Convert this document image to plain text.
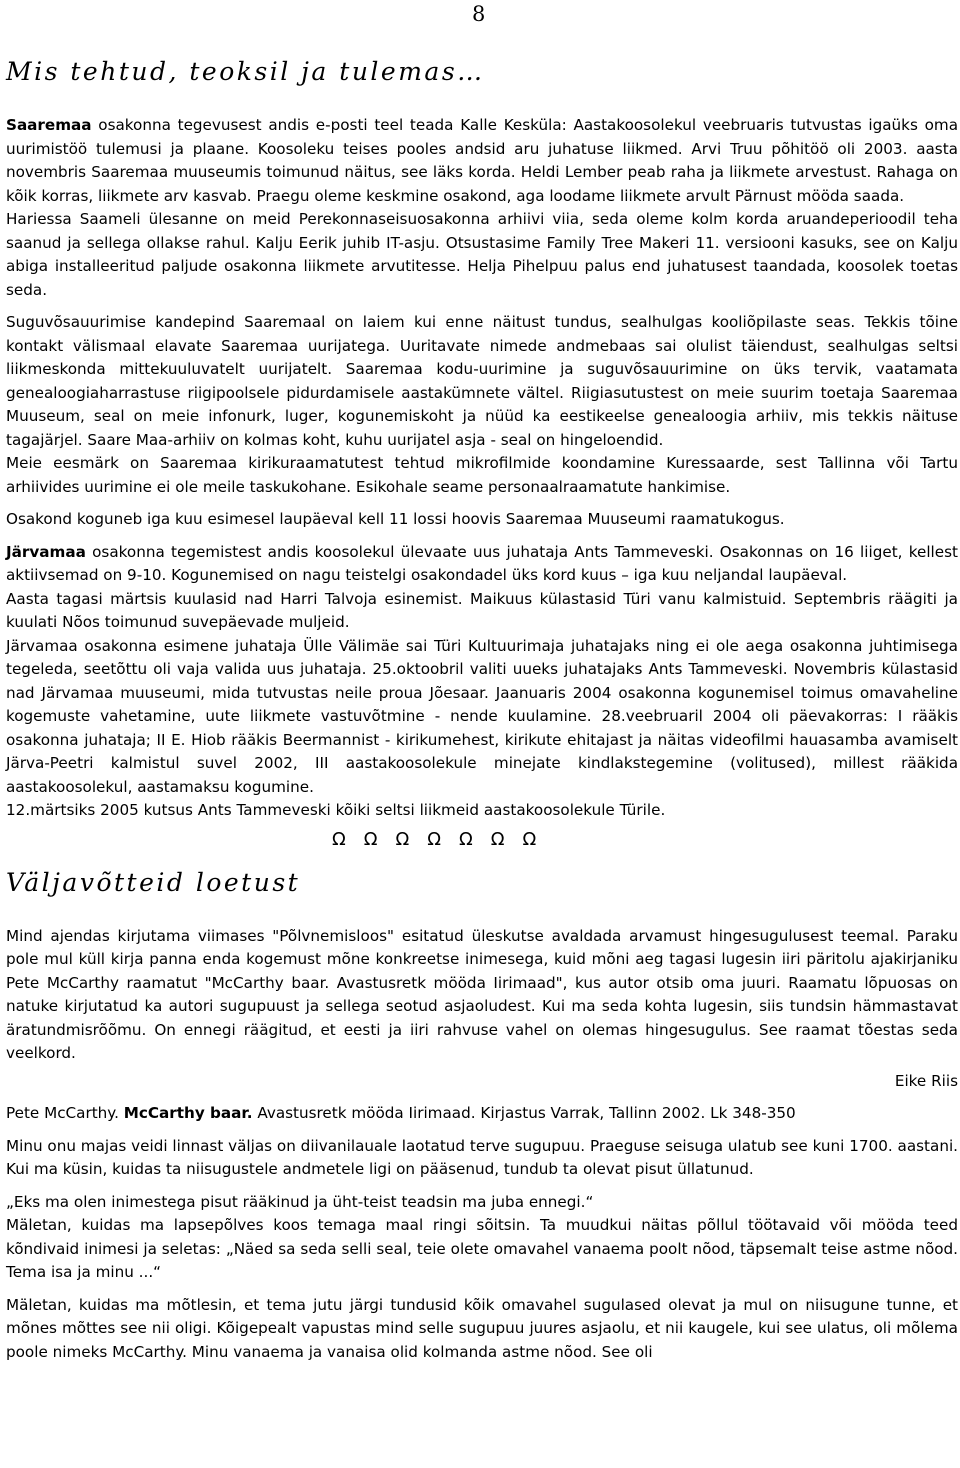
8
Mis tehtud, teoksil ja tulemas…

Saaremaa osakonna tegevusest andis e-posti teel teada Kalle Kesküla: Aastakoosolekul veebruaris tutvustas igaüks oma uurimistöö tulemusi ja plaane. Koosoleku teises pooles andsid aru juhatuse liikmed. Arvi Truu põhitöö oli 2003. aasta novembris Saaremaa muuseumis toimunud näitus, see läks korda. Heldi Lember peab raha ja liikmete arvestust. Rahaga on kõik korras, liikmete arv kasvab. Praegu oleme keskmine osakond, aga loodame liikmete arvult Pärnust mööda saada.

Hariessa Saameli ülesanne on meid Perekonnaseisuosakonna arhiivi viia, seda oleme kolm korda aruandeperioodil teha saanud ja sellega ollakse rahul. Kalju Eerik juhib IT-asju. Otsustasime Family Tree Makeri 11. versiooni kasuks, see on Kalju abiga installeeritud paljude osakonna liikmete arvutitesse. Helja Pihelpuu palus end juhatusest taandada, koosolek toetas seda.

Suguvõsauurimise kandepind Saaremaal on laiem kui enne näitust tundus, sealhulgas kooliõpilaste seas. Tekkis tõine kontakt välismaal elavate Saaremaa uurijatega. Uuritavate nimede andmebaas sai olulist täiendust, sealhulgas seltsi liikmeskonda mittekuuluvatelt uurijatelt. Saaremaa kodu-uurimine ja suguvõsauurimine on üks tervik, vaatamata genealoogiaharrastuse riigipoolsele pidurdamisele aastakümnete vältel. Riigiasutustest on meie suurim toetaja Saaremaa Muuseum, seal on meie infonurk, luger, kogunemiskoht ja nüüd ka eestikeelse genealoogia arhiiv, mis tekkis näituse tagajärjel. Saare Maa-arhiiv on kolmas koht, kuhu uurijatel asja - seal on hingeloendid.

Meie eesmärk on Saaremaa kirikuraamatutest tehtud mikrofilmide koondamine Kuressaarde, sest Tallinna või Tartu arhiivides uurimine ei ole meile taskukohane. Esikohale seame personaalraamatute hankimise.

Osakond koguneb iga kuu esimesel laupäeval kell 11 lossi hoovis Saaremaa Muuseumi raamatukogus.

Järvamaa osakonna tegemistest andis koosolekul ülevaate uus juhataja Ants Tammeveski. Osakonnas on 16 liiget, kellest aktiivsemad on 9-10. Kogunemised on nagu teistelgi osakondadel üks kord kuus – iga kuu neljandal laupäeval.

Aasta tagasi märtsis kuulasid nad Harri Talvoja esinemist. Maikuus külastasid Türi vanu kalmistuid. Septembris räägiti ja kuulati Nõos toimunud suvepäevade muljeid.

Järvamaa osakonna esimene juhataja Ülle Välimäe sai Türi Kultuurimaja juhatajaks ning ei ole aega osakonna juhtimisega tegeleda, seetõttu oli vaja valida uus juhataja. 25.oktoobril valiti uueks juhatajaks Ants Tammeveski. Novembris külastasid nad Järvamaa muuseumi, mida tutvustas neile proua Jõesaar. Jaanuaris 2004 osakonna kogunemisel toimus omavaheline kogemuste vahetamine, uute liikmete vastuvõtmine - nende kuulamine. 28.veebruaril 2004 oli päevakorras: I rääkis osakonna juhataja; II E. Hiob rääkis Beermannist - kirikumehest, kirikute ehitajast ja näitas videofilmi hauasamba avamiselt Järva-Peetri kalmistul suvel 2002, III aastakoosolekule minejate kindlakstegemine (volitused), millest rääkida aastakoosolekul, aastamaksu kogumine.

12.märtsiks 2005 kutsus Ants Tammeveski kõiki seltsi liikmeid aastakoosolekule Türile.

ΩΩΩΩΩΩΩ
Väljavõtteid loetust

Mind ajendas kirjutama viimases "Põlvnemisloos" esitatud üleskutse avaldada arvamust hingesugulusest teemal. Paraku pole mul küll kirja panna enda kogemust mõne konkreetse inimesega, kuid mõni aeg tagasi lugesin iiri päritolu ajakirjaniku Pete McCarthy raamatut "McCarthy baar. Avastusretk mööda Iirimaad", kus autor otsib oma juuri. Raamatu lõpuosas on natuke kirjutatud ka autori sugupuust ja sellega seotud asjaoludest. Kui ma seda kohta lugesin, siis tundsin hämmastavat äratundmisrõõmu. On ennegi räägitud, et eesti ja iiri rahvuse vahel on olemas hingesugulus. See raamat tõestas seda veelkord.

Eike Riis

Pete McCarthy. McCarthy baar. Avastusretk mööda Iirimaad. Kirjastus Varrak, Tallinn 2002. Lk 348-350

Minu onu majas veidi linnast väljas on diivanilauale laotatud terve sugupuu. Praeguse seisuga ulatub see kuni 1700. aastani. Kui ma küsin, kuidas ta niisugustele andmetele ligi on pääsenud, tundub ta olevat pisut üllatunud.

„Eks ma olen inimestega pisut rääkinud ja üht-teist teadsin ma juba ennegi.“

Mäletan, kuidas ma lapsepõlves koos temaga maal ringi sõitsin. Ta muudkui näitas põllul töötavaid või mööda teed kõndivaid inimesi ja seletas: „Näed sa seda selli seal, teie olete omavahel vanaema poolt nõod, täpsemalt teise astme nõod. Tema isa ja minu ...“

Mäletan, kuidas ma mõtlesin, et tema jutu järgi tundusid kõik omavahel sugulased olevat ja mul on niisugune tunne, et mõnes mõttes see nii oligi. Kõigepealt vapustas mind selle sugupuu juures asjaolu, et nii kaugele, kui see ulatus, oli mõlema poole nimeks McCarthy. Minu vanaema ja vanaisa olid kolmanda astme nõod. See oli
